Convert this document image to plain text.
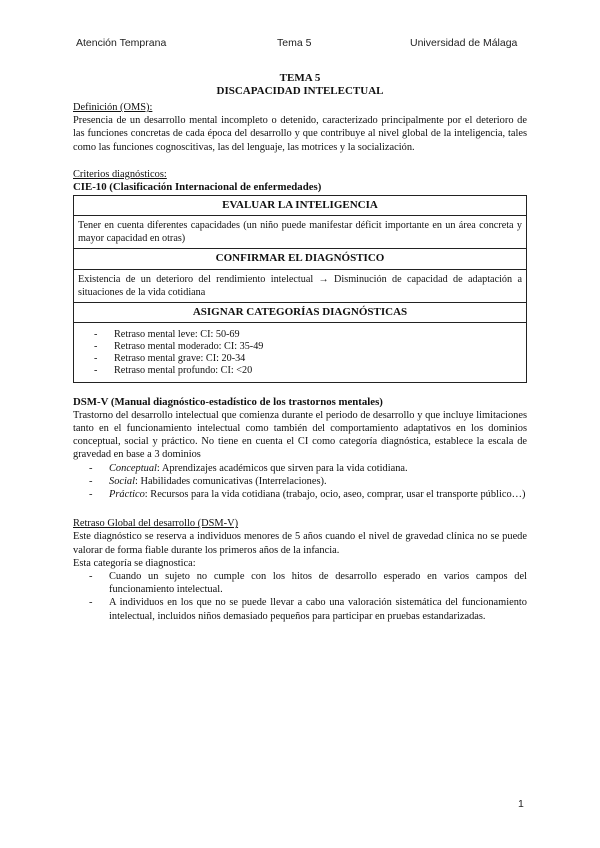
Atención Temprana	Tema 5	Universidad de Málaga
TEMA 5
DISCAPACIDAD INTELECTUAL
Definición (OMS):
Presencia de un desarrollo mental incompleto o detenido, caracterizado principalmente por el deterioro de las funciones concretas de cada época del desarrollo y que contribuye al nivel global de la inteligencia, tales como las funciones cognoscitivas, las del lenguaje, las motrices y la socialización.
Criterios diagnósticos:
CIE-10 (Clasificación Internacional de enfermedades)
EVALUAR LA INTELIGENCIA
Tener en cuenta diferentes capacidades (un niño puede manifestar déficit importante en un área concreta y mayor capacidad en otras)
CONFIRMAR EL DIAGNÓSTICO
Existencia de un deterioro del rendimiento intelectual → Disminución de capacidad de adaptación a situaciones de la vida cotidiana
ASIGNAR CATEGORÍAS DIAGNÓSTICAS

- Retraso mental leve: CI: 50-69
- Retraso mental moderado: CI: 35-49
- Retraso mental grave: CI: 20-34
- Retraso mental profundo: CI: <20
DSM-V (Manual diagnóstico-estadístico de los trastornos mentales)
Trastorno del desarrollo intelectual que comienza durante el periodo de desarrollo y que incluye limitaciones tanto en el funcionamiento intelectual como también del comportamiento adaptativos en los dominios conceptual, social y práctico. No tiene en cuenta el CI como categoría diagnóstica, establece la escala de gravedad en base a 3 dominios
- Conceptual: Aprendizajes académicos que sirven para la vida cotidiana.
- Social: Habilidades comunicativas (Interrelaciones).
- Práctico: Recursos para la vida cotidiana (trabajo, ocio, aseo, comprar, usar el transporte público…)
Retraso Global del desarrollo (DSM-V)
Este diagnóstico se reserva a individuos menores de 5 años cuando el nivel de gravedad clínica no se puede valorar de forma fiable durante los primeros años de la infancia.
Esta categoría se diagnostica:
- Cuando un sujeto no cumple con los hitos de desarrollo esperado en varios campos del funcionamiento intelectual.
- A individuos en los que no se puede llevar a cabo una valoración sistemática del funcionamiento intelectual, incluidos niños demasiado pequeños para participar en pruebas estandarizadas.
1
